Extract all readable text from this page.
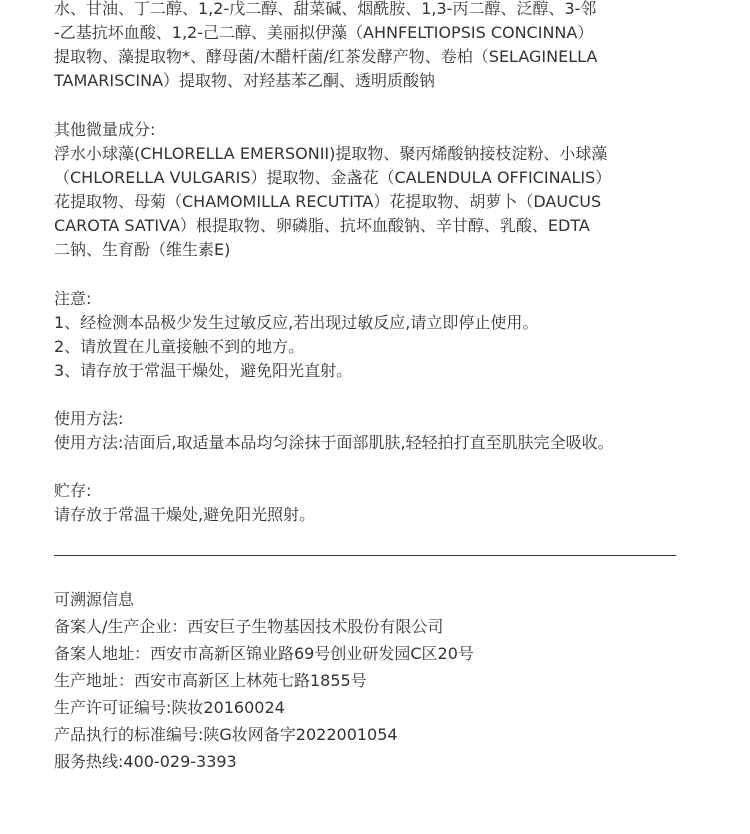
水、甘油、丁二醇、1,2-戊二醇、甜菜碱、烟酰胺、1,3-丙二醇、泛醇、3-邻

-乙基抗坏血酸、1,2-己二醇、美丽拟伊藻（AHNFELTIOPSIS CONCINNA）

提取物、藻提取物*、酵母菌/木醋杆菌/红茶发酵产物、卷柏（SELAGINELLA

TAMARISCINA）提取物、对羟基苯乙酮、透明质酸钠

其他微量成分:

浮水小球藻(CHLORELLA EMERSONII)提取物、聚丙烯酸钠接枝淀粉、小球藻

（CHLORELLA VULGARIS）提取物、金盏花（CALENDULA OFFICINALIS）

花提取物、母菊（CHAMOMILLA RECUTITA）花提取物、胡萝卜（DAUCUS

CAROTA SATIVA）根提取物、卵磷脂、抗坏血酸钠、辛甘醇、乳酸、EDTA

二钠、生育酚（维生素E)

注意:

1、经检测本品极少发生过敏反应,若出现过敏反应,请立即停止使用。

2、请放置在儿童接触不到的地方。

3、请存放于常温干燥处，避免阳光直射。

使用方法:

使用方法:洁面后,取适量本品均匀涂抹于面部肌肤,轻轻拍打直至肌肤完全吸收。

贮存:

请存放于常温干燥处,避免阳光照射。

可溯源信息

备案人/生产企业：西安巨子生物基因技术股份有限公司

备案人地址：西安市高新区锦业路69号创业研发园C区20号

生产地址：西安市高新区上林苑七路1855号

生产许可证编号:陕妆20160024

产品执行的标准编号:陕G妆网备字2022001054

服务热线:400-029-3393
